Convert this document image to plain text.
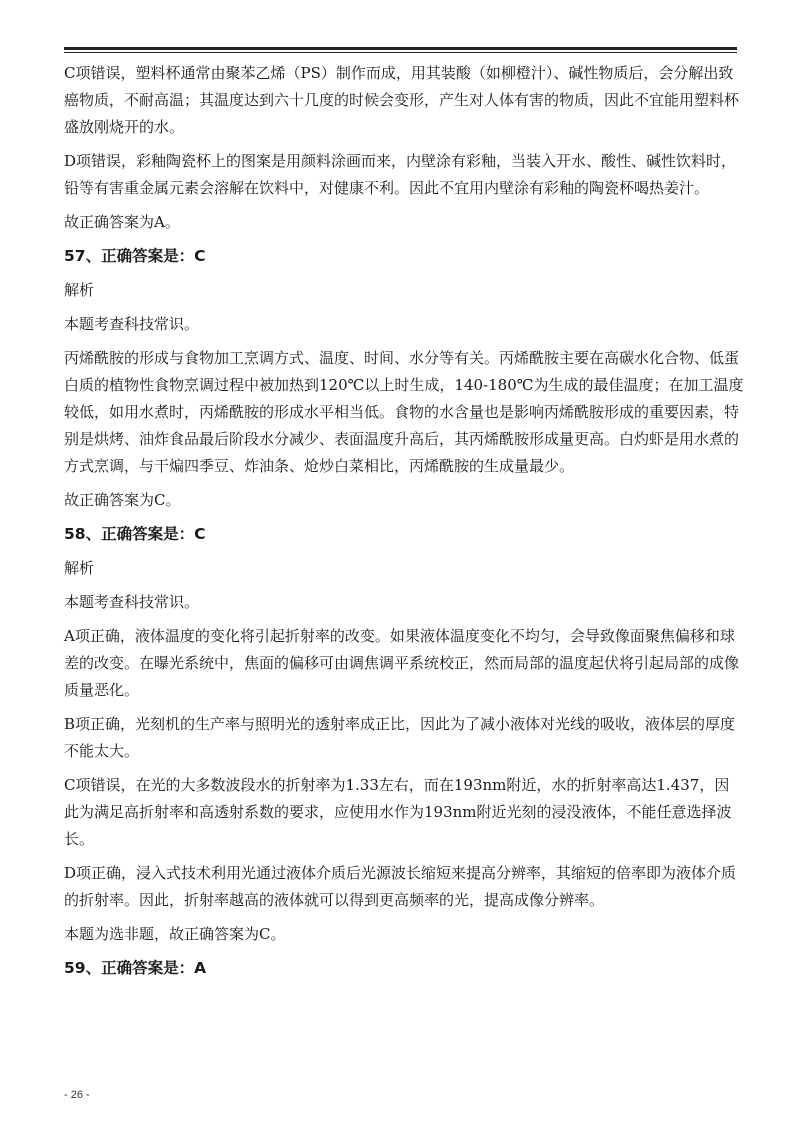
C项错误，塑料杯通常由聚苯乙烯（PS）制作而成，用其装酸（如柳橙汁）、碱性物质后，会分解出致癌物质，不耐高温；其温度达到六十几度的时候会变形，产生对人体有害的物质，因此不宜能用塑料杯盛放刚烧开的水。

D项错误，彩釉陶瓷杯上的图案是用颜料涂画而来，内壁涂有彩釉，当装入开水、酸性、碱性饮料时，铅等有害重金属元素会溶解在饮料中，对健康不利。因此不宜用内壁涂有彩釉的陶瓷杯喝热姜汁。

故正确答案为A。

57、正确答案是：C

解析

本题考查科技常识。

丙烯酰胺的形成与食物加工烹调方式、温度、时间、水分等有关。丙烯酰胺主要在高碳水化合物、低蛋白质的植物性食物烹调过程中被加热到120℃以上时生成，140-180℃为生成的最佳温度；在加工温度较低，如用水煮时，丙烯酰胺的形成水平相当低。食物的水含量也是影响丙烯酰胺形成的重要因素，特别是烘烤、油炸食品最后阶段水分减少、表面温度升高后，其丙烯酰胺形成量更高。白灼虾是用水煮的方式烹调，与干煸四季豆、炸油条、炝炒白菜相比，丙烯酰胺的生成量最少。

故正确答案为C。

58、正确答案是：C

解析

本题考查科技常识。

A项正确，液体温度的变化将引起折射率的改变。如果液体温度变化不均匀，会导致像面聚焦偏移和球差的改变。在曝光系统中，焦面的偏移可由调焦调平系统校正，然而局部的温度起伏将引起局部的成像质量恶化。

B项正确，光刻机的生产率与照明光的透射率成正比，因此为了减小液体对光线的吸收，液体层的厚度不能太大。

C项错误，在光的大多数波段水的折射率为1.33左右，而在193nm附近，水的折射率高达1.437，因此为满足高折射率和高透射系数的要求，应使用水作为193nm附近光刻的浸没液体，不能任意选择波长。

D项正确，浸入式技术利用光通过液体介质后光源波长缩短来提高分辨率，其缩短的倍率即为液体介质的折射率。因此，折射率越高的液体就可以得到更高频率的光，提高成像分辨率。

本题为选非题，故正确答案为C。

59、正确答案是：A

- 26 -
